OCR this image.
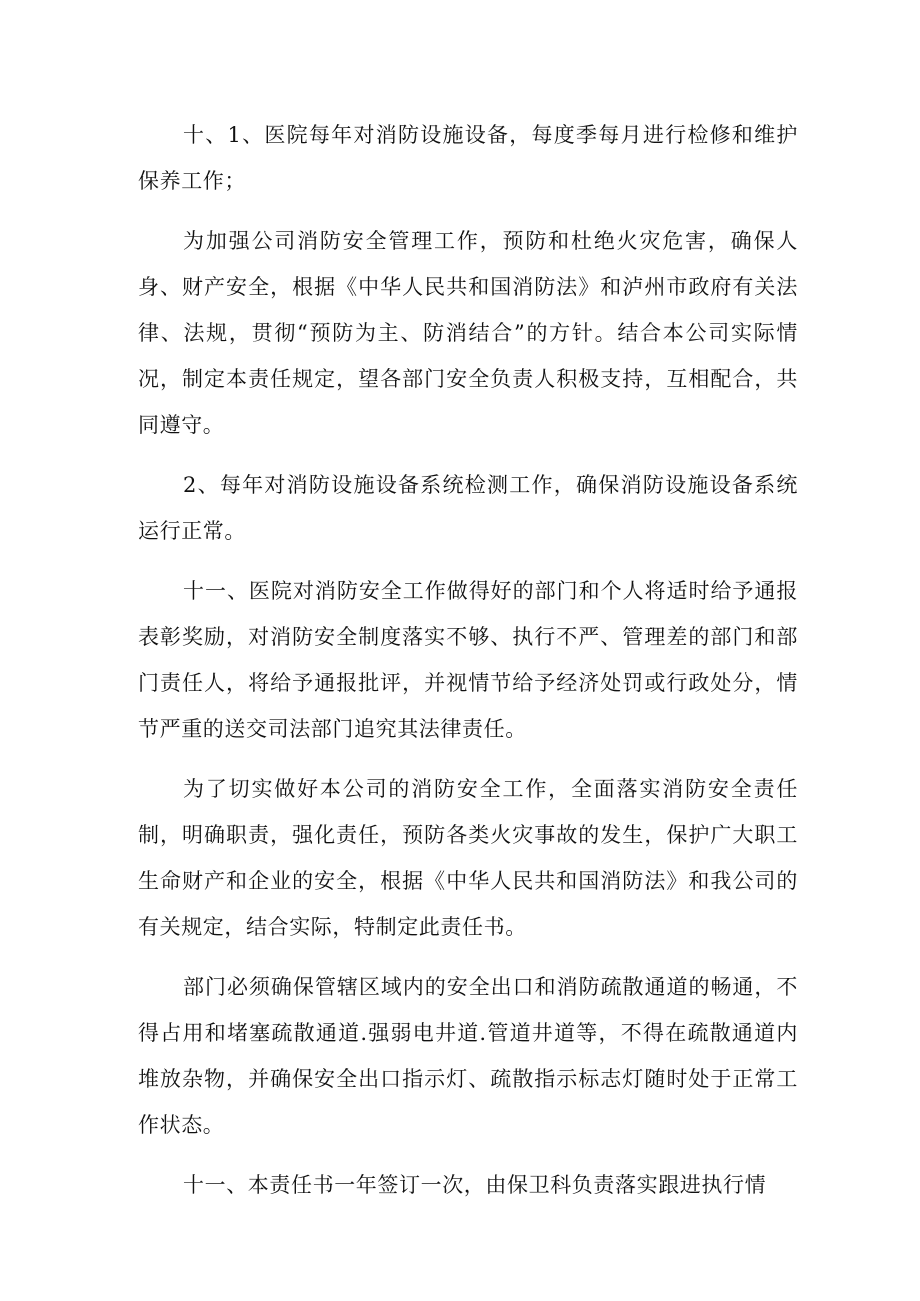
十、1、医院每年对消防设施设备，每度季每月进行检修和维护保养工作；

为加强公司消防安全管理工作，预防和杜绝火灾危害，确保人身、财产安全，根据《中华人民共和国消防法》和泸州市政府有关法律、法规，贯彻“预防为主、防消结合”的方针。结合本公司实际情况，制定本责任规定，望各部门安全负责人积极支持，互相配合，共同遵守。

2、每年对消防设施设备系统检测工作，确保消防设施设备系统运行正常。

十一、医院对消防安全工作做得好的部门和个人将适时给予通报表彰奖励，对消防安全制度落实不够、执行不严、管理差的部门和部门责任人，将给予通报批评，并视情节给予经济处罚或行政处分，情节严重的送交司法部门追究其法律责任。

为了切实做好本公司的消防安全工作，全面落实消防安全责任制，明确职责，强化责任，预防各类火灾事故的发生，保护广大职工生命财产和企业的安全，根据《中华人民共和国消防法》和我公司的有关规定，结合实际，特制定此责任书。

部门必须确保管辖区域内的安全出口和消防疏散通道的畅通，不得占用和堵塞疏散通道.强弱电井道.管道井道等，不得在疏散通道内堆放杂物，并确保安全出口指示灯、疏散指示标志灯随时处于正常工作状态。

十一、本责任书一年签订一次，由保卫科负责落实跟进执行情
